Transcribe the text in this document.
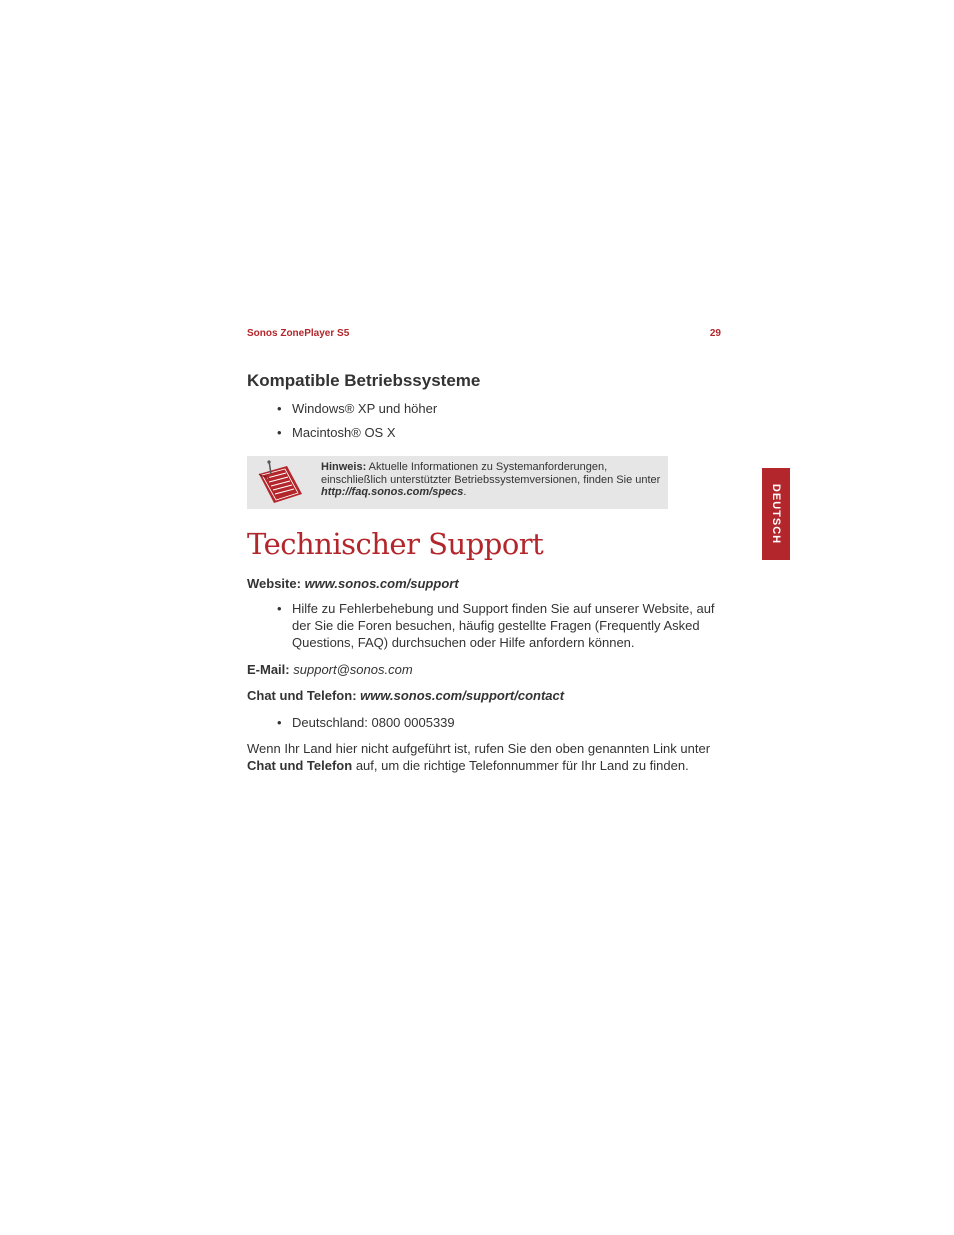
Sonos ZonePlayer S5	29
Kompatible Betriebssysteme
• Windows® XP und höher
• Macintosh® OS X
Hinweis: Aktuelle Informationen zu Systemanforderungen, einschließlich unterstützter Betriebssystemversionen, finden Sie unter http://faq.sonos.com/specs.	DEUTSCH
Technischer Support
Website: www.sonos.com/support
• Hilfe zu Fehlerbehebung und Support finden Sie auf unserer Website, auf der Sie die Foren besuchen, häufig gestellte Fragen (Frequently Asked Questions, FAQ) durchsuchen oder Hilfe anfordern können.
E-Mail: support@sonos.com
Chat und Telefon: www.sonos.com/support/contact
• Deutschland: 0800 0005339
Wenn Ihr Land hier nicht aufgeführt ist, rufen Sie den oben genannten Link unter Chat und Telefon auf, um die richtige Telefonnummer für Ihr Land zu finden.
